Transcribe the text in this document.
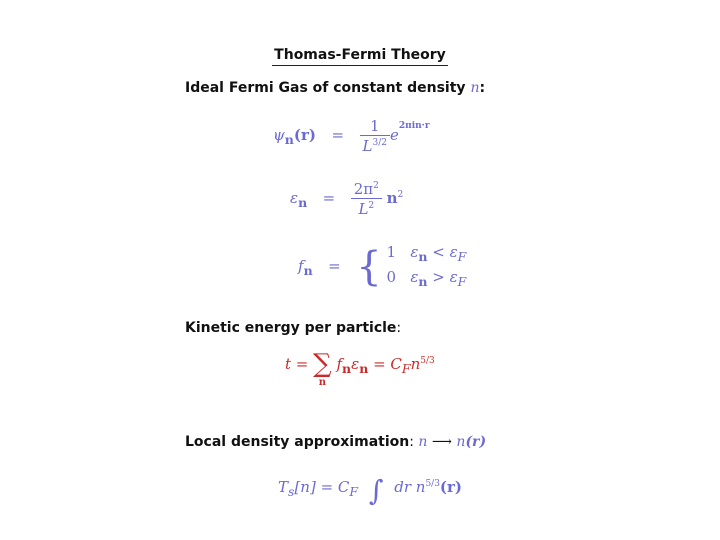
Thomas-Fermi Theory
Ideal Fermi Gas of constant density n:
$\psi_n(r) = \frac{1}{L^{3/2}} e^{2\pi in\cdot r}$
$\varepsilon_n = \frac{2\pi^2}{L^2} n^2$
$f_n$ = { 1 $\varepsilon_n < \varepsilon_F$
0 $\varepsilon_n > \varepsilon_F$
Kinetic energy per particle:
t = ∑
n
$f_n\varepsilon_n = C_Fn^{5/3}$
Local density approximation: n ⟶ n(r)
$T_s[n] = C_F$ ∫ dr $n^{5/3}(r)$
